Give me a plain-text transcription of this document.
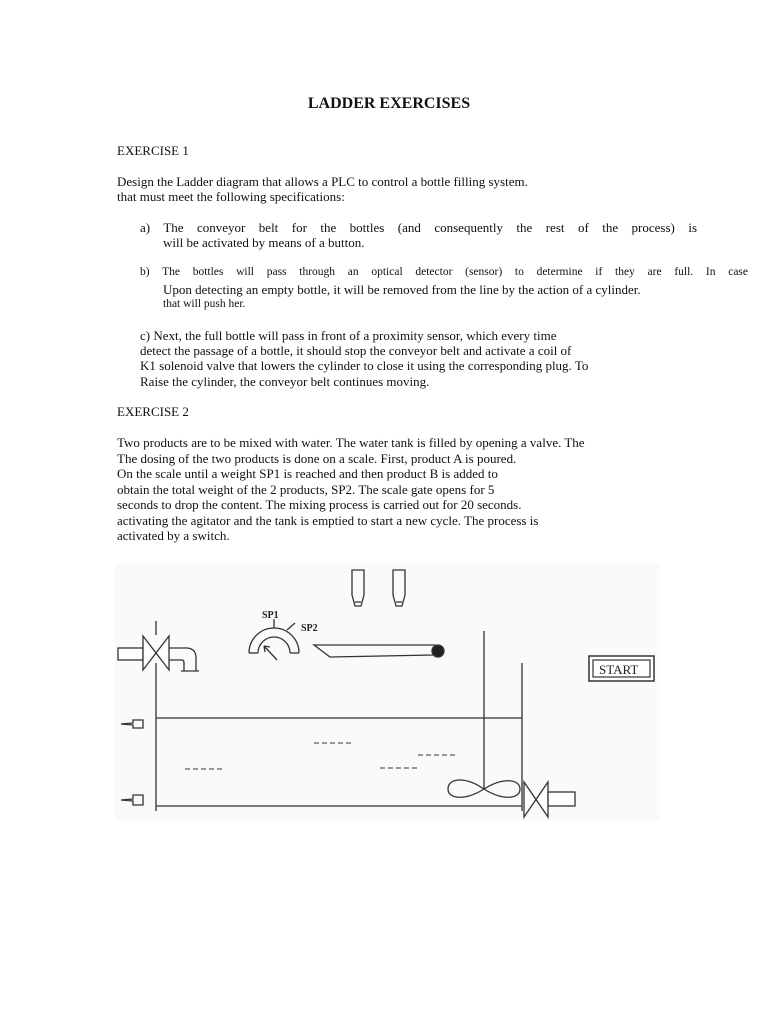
LADDER EXERCISES
EXERCISE 1
Design the Ladder diagram that allows a PLC to control a bottle filling system.
that must meet the following specifications:
a) The conveyor belt for the bottles (and consequently the rest of the process) is
will be activated by means of a button.
b) The bottles will pass through an optical detector (sensor) to determine if they are full. In case
Upon detecting an empty bottle, it will be removed from the line by the action of a cylinder.
that will push her.
c) Next, the full bottle will pass in front of a proximity sensor, which every time
detect the passage of a bottle, it should stop the conveyor belt and activate a coil of
K1 solenoid valve that lowers the cylinder to close it using the corresponding plug. To
Raise the cylinder, the conveyor belt continues moving.
EXERCISE 2
Two products are to be mixed with water. The water tank is filled by opening a valve. The
The dosing of the two products is done on a scale. First, product A is poured.
On the scale until a weight SP1 is reached and then product B is added to
obtain the total weight of the 2 products, SP2. The scale gate opens for 5
seconds to drop the content. The mixing process is carried out for 20 seconds.
activating the agitator and the tank is emptied to start a new cycle. The process is
activated by a switch.
SP1
SP2
START
